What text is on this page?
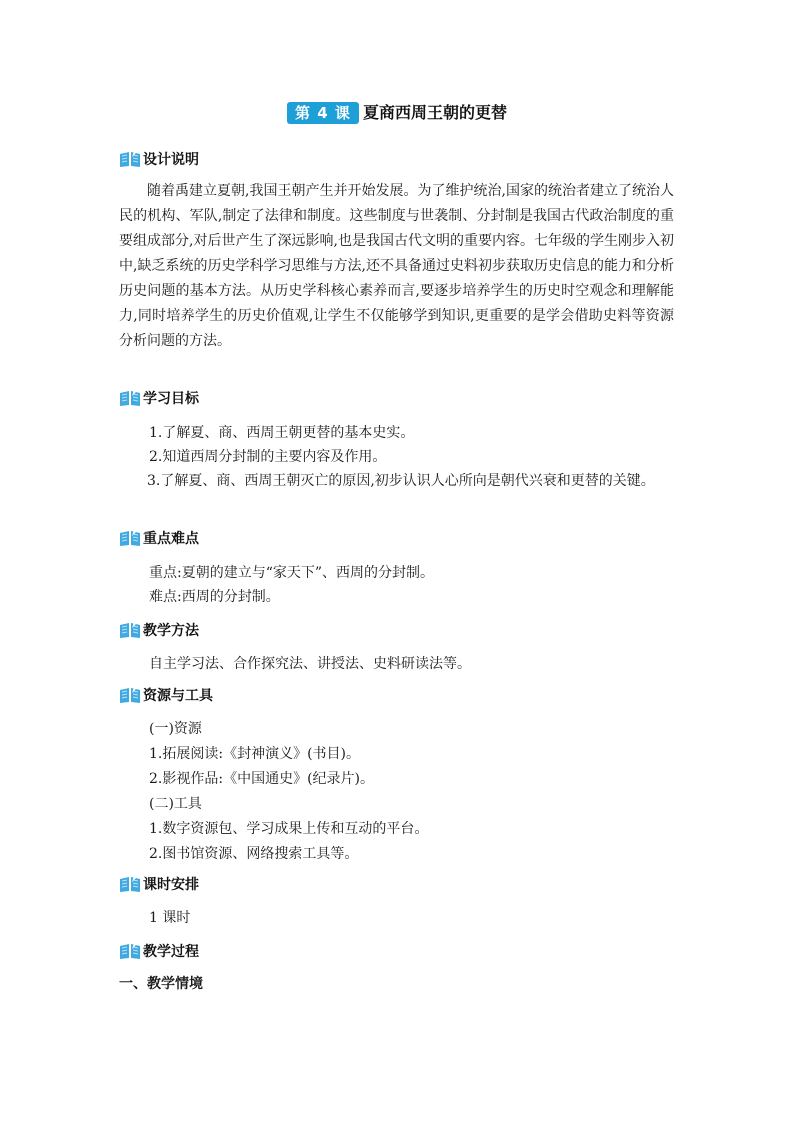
第 4 课 夏商西周王朝的更替
设计说明

随着禹建立夏朝,我国王朝产生并开始发展。为了维护统治,国家的统治者建立了统治人民的机构、军队,制定了法律和制度。这些制度与世袭制、分封制是我国古代政治制度的重要组成部分,对后世产生了深远影响,也是我国古代文明的重要内容。七年级的学生刚步入初中,缺乏系统的历史学科学习思维与方法,还不具备通过史料初步获取历史信息的能力和分析历史问题的基本方法。从历史学科核心素养而言,要逐步培养学生的历史时空观念和理解能力,同时培养学生的历史价值观,让学生不仅能够学到知识,更重要的是学会借助史料等资源分析问题的方法。

学习目标
1.了解夏、商、西周王朝更替的基本史实。
2.知道西周分封制的主要内容及作用。

3.了解夏、商、西周王朝灭亡的原因,初步认识人心所向是朝代兴衰和更替的关键。

重点难点
重点:夏朝的建立与“家天下”、西周的分封制。
难点:西周的分封制。
教学方法
自主学习法、合作探究法、讲授法、史料研读法等。
资源与工具
(一)资源
1.拓展阅读:《封神演义》(书目)。
2.影视作品:《中国通史》(纪录片)。
(二)工具
1.数字资源包、学习成果上传和互动的平台。
2.图书馆资源、网络搜索工具等。
课时安排
1 课时
教学过程
一、教学情境
